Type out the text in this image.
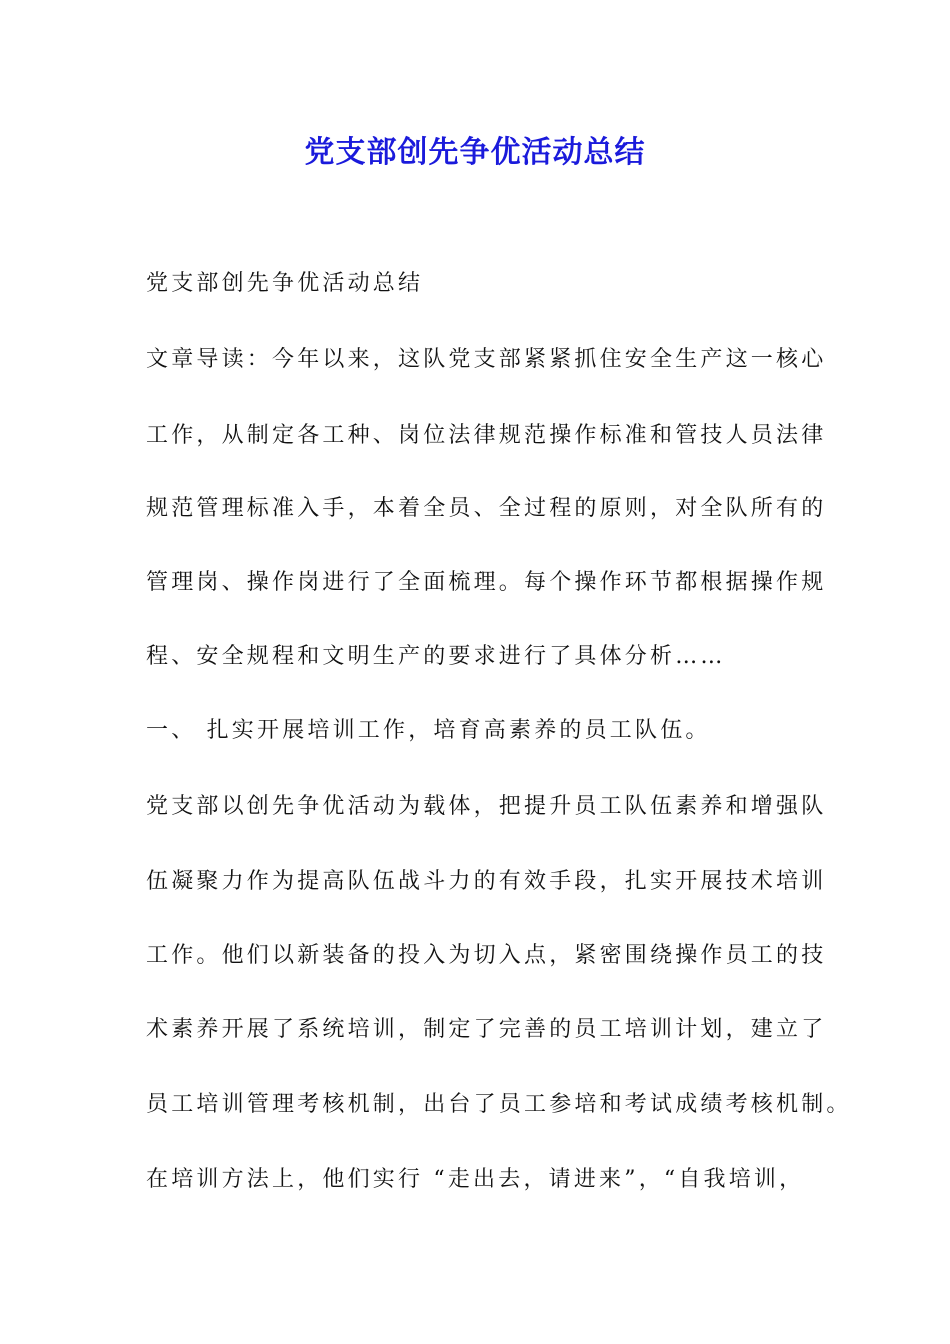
党支部创先争优活动总结
党支部创先争优活动总结
文章导读：今年以来，这队党支部紧紧抓住安全生产这一核心
工作，从制定各工种、岗位法律规范操作标准和管技人员法律
规范管理标准入手，本着全员、全过程的原则，对全队所有的
管理岗、操作岗进行了全面梳理。每个操作环节都根据操作规
程、安全规程和文明生产的要求进行了具体分析……
一、 扎实开展培训工作，培育高素养的员工队伍。
党支部以创先争优活动为载体，把提升员工队伍素养和增强队
伍凝聚力作为提高队伍战斗力的有效手段，扎实开展技术培训
工作。他们以新装备的投入为切入点，紧密围绕操作员工的技
术素养开展了系统培训，制定了完善的员工培训计划，建立了
员工培训管理考核机制，出台了员工参培和考试成绩考核机制。
在培训方法上，他们实行 “走出去，请进来”，“自我培训，
